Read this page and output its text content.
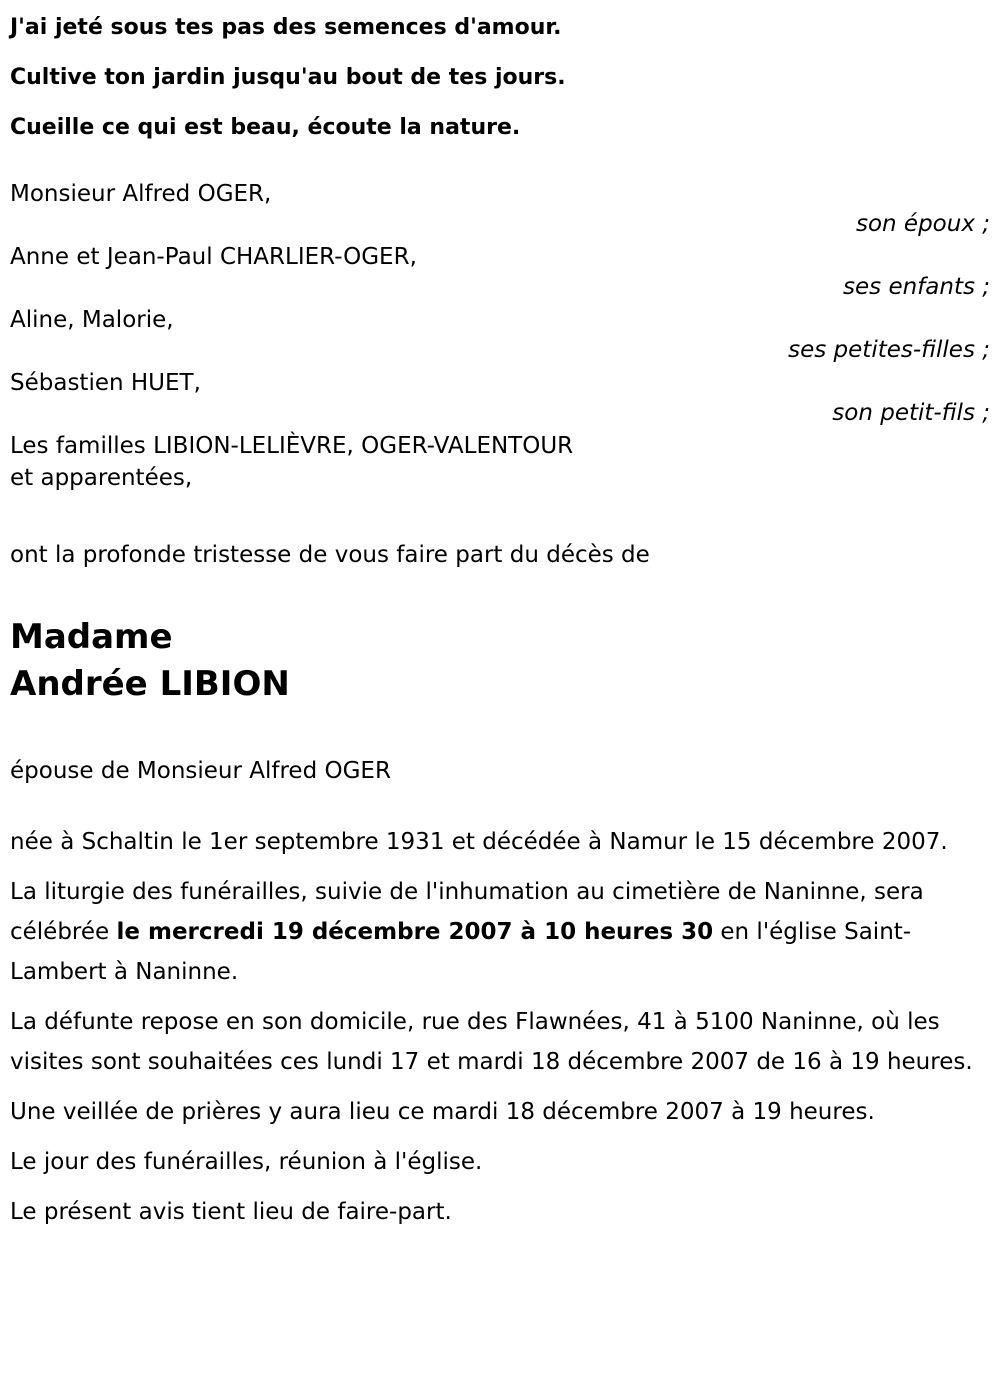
J'ai jeté sous tes pas des semences d'amour.
Cultive ton jardin jusqu'au bout de tes jours.
Cueille ce qui est beau, écoute la nature.
Monsieur Alfred OGER,
son époux ;
Anne et Jean-Paul CHARLIER-OGER,
ses enfants ;
Aline, Malorie,
ses petites-filles ;
Sébastien HUET,
son petit-fils ;
Les familles LIBION-LELIÈVRE, OGER-VALENTOUR
et apparentées,
ont la profonde tristesse de vous faire part du décès de
Madame
Andrée LIBION
épouse de Monsieur Alfred OGER
née à Schaltin le 1er septembre 1931 et décédée à Namur le 15 décembre 2007.
La liturgie des funérailles, suivie de l'inhumation au cimetière de Naninne, sera célébrée le mercredi 19 décembre 2007 à 10 heures 30 en l'église Saint-Lambert à Naninne.
La défunte repose en son domicile, rue des Flawnées, 41 à 5100 Naninne, où les visites sont souhaitées ces lundi 17 et mardi 18 décembre 2007 de 16 à 19 heures.
Une veillée de prières y aura lieu ce mardi 18 décembre 2007 à 19 heures.
Le jour des funérailles, réunion à l'église.
Le présent avis tient lieu de faire-part.
